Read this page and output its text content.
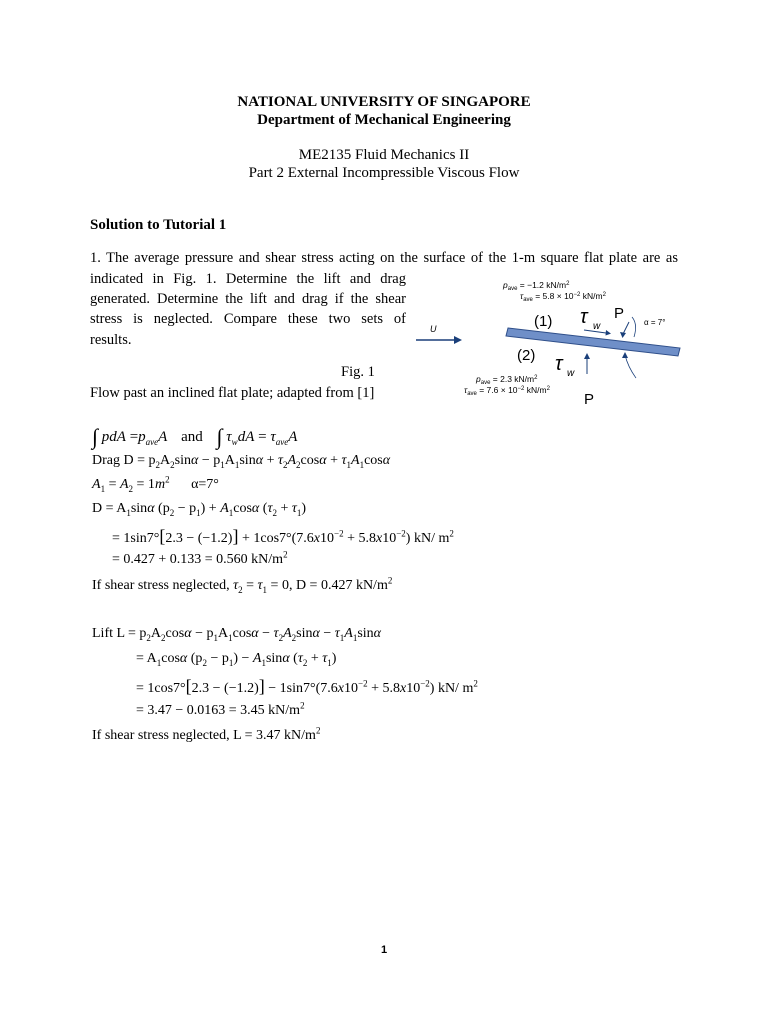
NATIONAL UNIVERSITY OF SINGAPORE
Department of Mechanical Engineering
ME2135 Fluid Mechanics II
Part 2 External Incompressible Viscous Flow
Solution to Tutorial 1
1. The average pressure and shear stress acting on the surface of the 1-m square flat plate are as
indicated in Fig. 1. Determine the lift and drag
generated. Determine the lift and drag if the shear
stress is neglected. Compare these two sets of
results.
Fig. 1
Flow past an inclined flat plate; adapted from [1]
$p_{ave} = -1.2$ $kN/m^2$
$\tau_{ave} = 5.8 \times 10^{-2}$ $kN/m^2$
U	(1) τ w
P
α = 7°
(2) τ w
$p_{ave} = 2.3$ $kN/m^2$
$\tau_{ave} = 7.6 \times 10^{-2}$ $kN/m^2$
P
∫ pdA $=p_{ave}A$ and ∫ $\tau_wdA = \tau_{ave}A$
Drag $D = p_2A_2\sin\alpha - p_1A_1\sin\alpha + \tau_2A_2\cos\alpha + \tau_1A_1\cos\alpha$
$A_1 = A_2 = 1m^2$ α=7°
$D = A_1\sin\alpha$ $(p_2 - p_1) + A_1\cos\alpha$ $(\tau_2 + \tau_1)$
= $1\sin 7^\circ[2.3 - (-1.2)] + 1\cos 7^\circ(7.6x10^{-2} + 5.8x10^{-2})$ kN/ $m^2$
= 0.427 + 0.133 = 0.560 $kN/m^2$
If shear stress neglected, $\tau_2 = \tau_1 = 0$, D = 0.427 $kN/m^2$
Lift $L = p_2A_2\cos\alpha - p_1A_1\cos\alpha - \tau_2A_2\sin\alpha - \tau_1A_1\sin\alpha$
= $A_1\cos\alpha$ $(p_2 - p_1) - A_1\sin\alpha$ $(\tau_2 + \tau_1)$
= $1\cos 7^\circ[2.3 - (-1.2)] - 1\sin 7^\circ(7.6x10^{-2} + 5.8x10^{-2})$ kN/ $m^2$
= 3.47 − 0.0163 = 3.45 $kN/m^2$
If shear stress neglected, L = 3.47 $kN/m^2$
1
